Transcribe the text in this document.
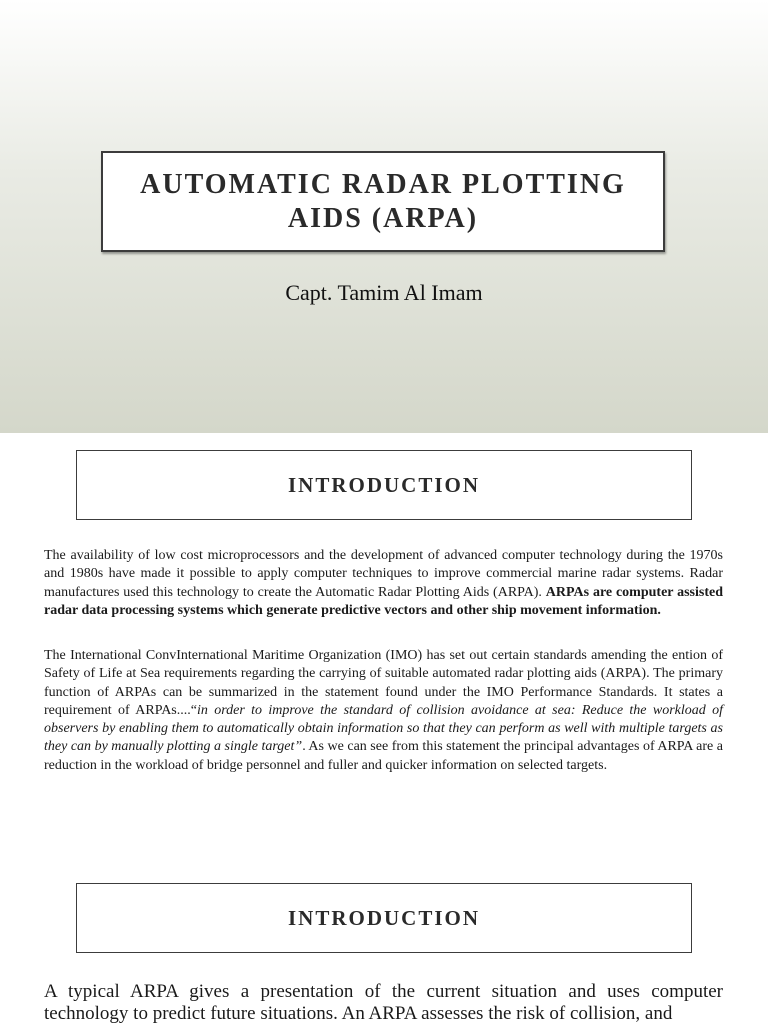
AUTOMATIC RADAR PLOTTING
AIDS (ARPA)
Capt. Tamim Al Imam
INTRODUCTION

The availability of low cost microprocessors and the development of advanced computer technology during the 1970s and 1980s have made it possible to apply computer techniques to improve commercial marine radar systems. Radar manufactures used this technology to create the Automatic Radar Plotting Aids (ARPA). ARPAs are computer assisted radar data processing systems which generate predictive vectors and other ship movement information.

The International ConvInternational Maritime Organization (IMO) has set out certain standards amending the ention of Safety of Life at Sea requirements regarding the carrying of suitable automated radar plotting aids (ARPA). The primary function of ARPAs can be summarized in the statement found under the IMO Performance Standards. It states a requirement of ARPAs....“in order to improve the standard of collision avoidance at sea: Reduce the workload of observers by enabling them to automatically obtain information so that they can perform as well with multiple targets as they can by manually plotting a single target”. As we can see from this statement the principal advantages of ARPA are a reduction in the workload of bridge personnel and fuller and quicker information on selected targets.

INTRODUCTION

A typical ARPA gives a presentation of the current situation and uses computer technology to predict future situations. An ARPA assesses the risk of collision, and
